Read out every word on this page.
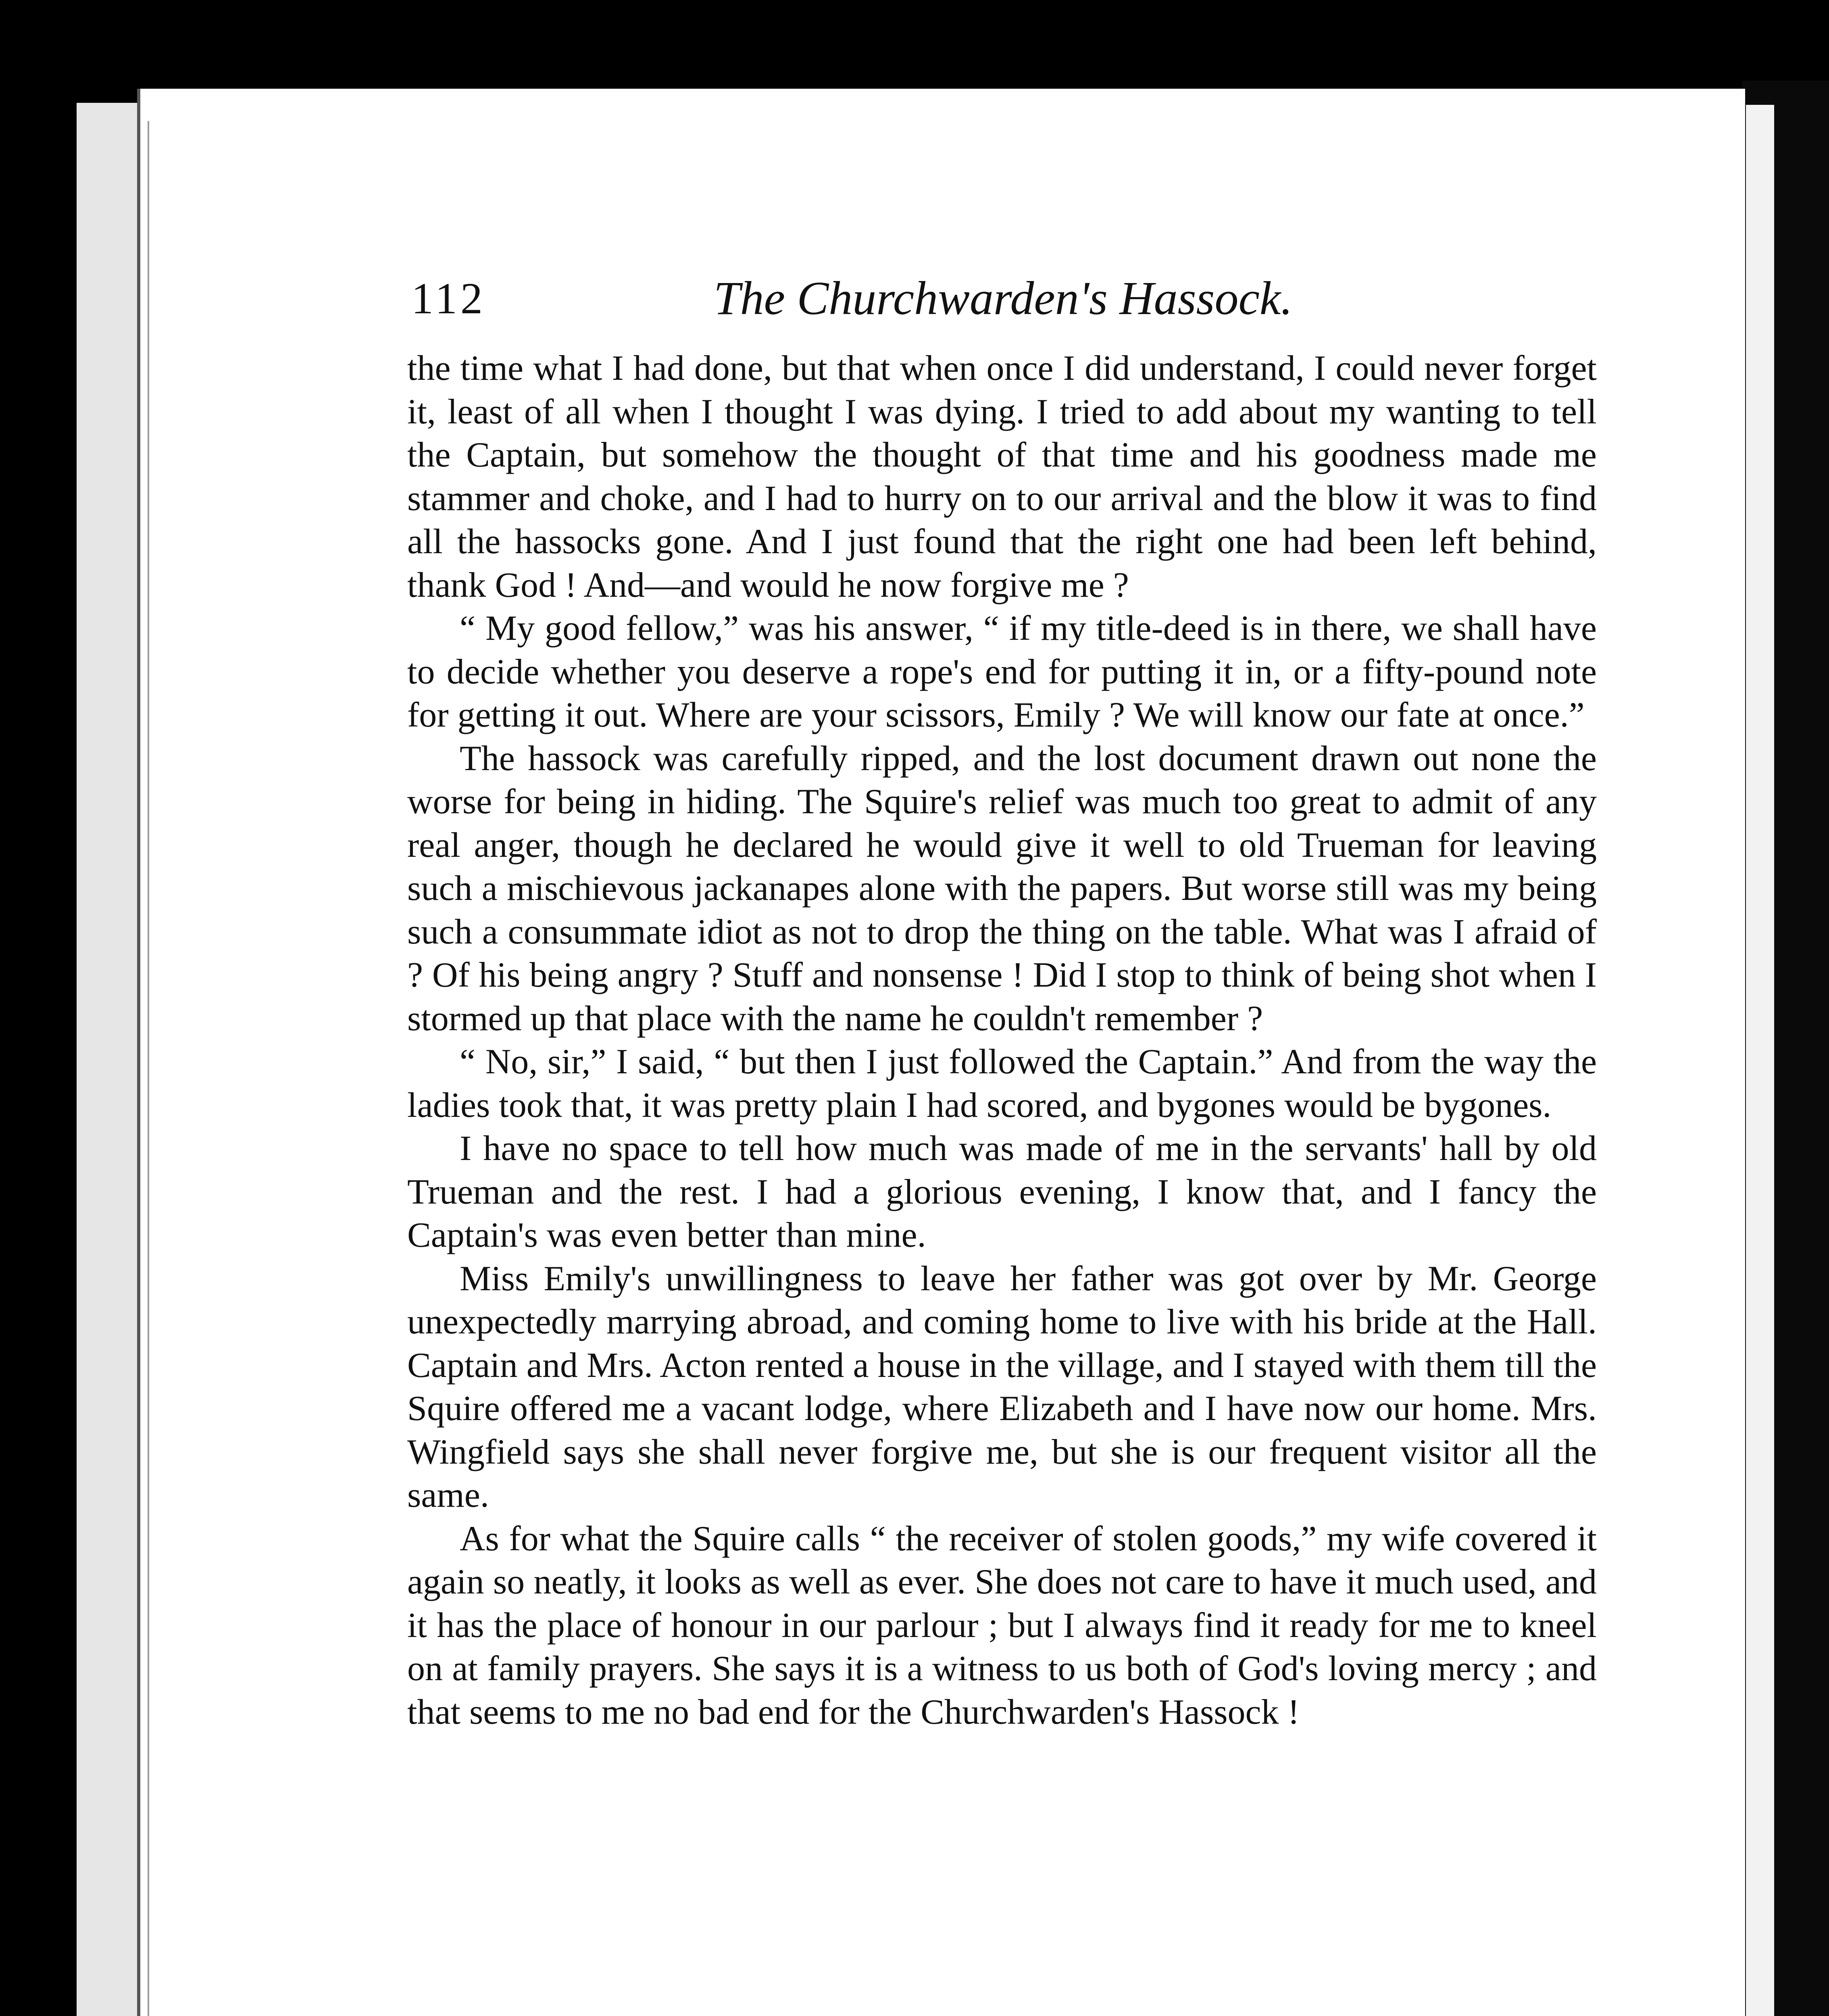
112	The Churchwarden's Hassock.

the time what I had done, but that when once I did understand, I could never forget it, least of all when I thought I was dying. I tried to add about my wanting to tell the Captain, but somehow the thought of that time and his goodness made me stammer and choke, and I had to hurry on to our arrival and the blow it was to find all the hassocks gone. And I just found that the right one had been left behind, thank God ! And—and would he now forgive me ?

“ My good fellow,” was his answer, “ if my title-deed is in there, we shall have to decide whether you deserve a rope's end for putting it in, or a fifty-pound note for getting it out. Where are your scissors, Emily ? We will know our fate at once.”

The hassock was carefully ripped, and the lost document drawn out none the worse for being in hiding. The Squire's relief was much too great to admit of any real anger, though he declared he would give it well to old Trueman for leaving such a mischievous jackanapes alone with the papers. But worse still was my being such a consummate idiot as not to drop the thing on the table. What was I afraid of ? Of his being angry ? Stuff and nonsense ! Did I stop to think of being shot when I stormed up that place with the name he couldn't remember ?

“ No, sir,” I said, “ but then I just followed the Captain.” And from the way the ladies took that, it was pretty plain I had scored, and bygones would be bygones.

I have no space to tell how much was made of me in the servants' hall by old Trueman and the rest. I had a glorious evening, I know that, and I fancy the Captain's was even better than mine.

Miss Emily's unwillingness to leave her father was got over by Mr. George unexpectedly marrying abroad, and coming home to live with his bride at the Hall. Captain and Mrs. Acton rented a house in the village, and I stayed with them till the Squire offered me a vacant lodge, where Elizabeth and I have now our home. Mrs. Wingfield says she shall never forgive me, but she is our frequent visitor all the same.

As for what the Squire calls “ the receiver of stolen goods,” my wife covered it again so neatly, it looks as well as ever. She does not care to have it much used, and it has the place of honour in our parlour ; but I always find it ready for me to kneel on at family prayers. She says it is a witness to us both of God's loving mercy ; and that seems to me no bad end for the Churchwarden's Hassock !
